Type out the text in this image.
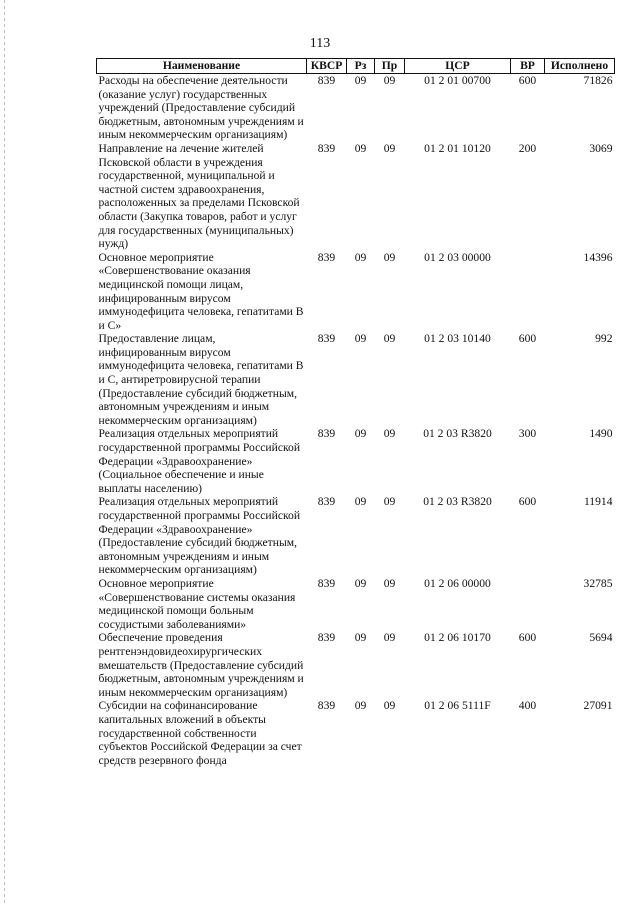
113
Наименование	КВСР	Рз	Пр	ЦСР	ВР	Исполнено
Расходы на обеспечение деятельности (оказание услуг) государственных учреждений (Предоставление субсидий бюджетным, автономным учреждениям и иным некоммерческим организациям)	839	09	09	01 2 01 00700	600	71826
Направление на лечение жителей Псковской области в учреждения государственной, муниципальной и частной систем здравоохранения, расположенных за пределами Псковской области (Закупка товаров, работ и услуг для государственных (муниципальных) нужд)	839	09	09	01 2 01 10120	200	3069
Основное мероприятие «Совершенствование оказания медицинской помощи лицам, инфицированным вирусом иммунодефицита человека, гепатитами В и С»	839	09	09	01 2 03 00000		14396
Предоставление лицам, инфицированным вирусом иммунодефицита человека, гепатитами В и С, антиретровирусной терапии (Предоставление субсидий бюджетным, автономным учреждениям и иным некоммерческим организациям)	839	09	09	01 2 03 10140	600	992
Реализация отдельных мероприятий государственной программы Российской Федерации «Здравоохранение» (Социальное обеспечение и иные выплаты населению)	839	09	09	01 2 03 R3820	300	1490
Реализация отдельных мероприятий государственной программы Российской Федерации «Здравоохранение» (Предоставление субсидий бюджетным, автономным учреждениям и иным некоммерческим организациям)	839	09	09	01 2 03 R3820	600	11914
Основное мероприятие «Совершенствование системы оказания медицинской помощи больным сосудистыми заболеваниями»	839	09	09	01 2 06 00000		32785
Обеспечение проведения рентгенэндовидеохирургических вмешательств (Предоставление субсидий бюджетным, автономным учреждениям и иным некоммерческим организациям)	839	09	09	01 2 06 10170	600	5694
Субсидии на софинансирование капитальных вложений в объекты государственной собственности субъектов Российской Федерации за счет средств резервного фонда	839	09	09	01 2 06 5111F	400	27091
